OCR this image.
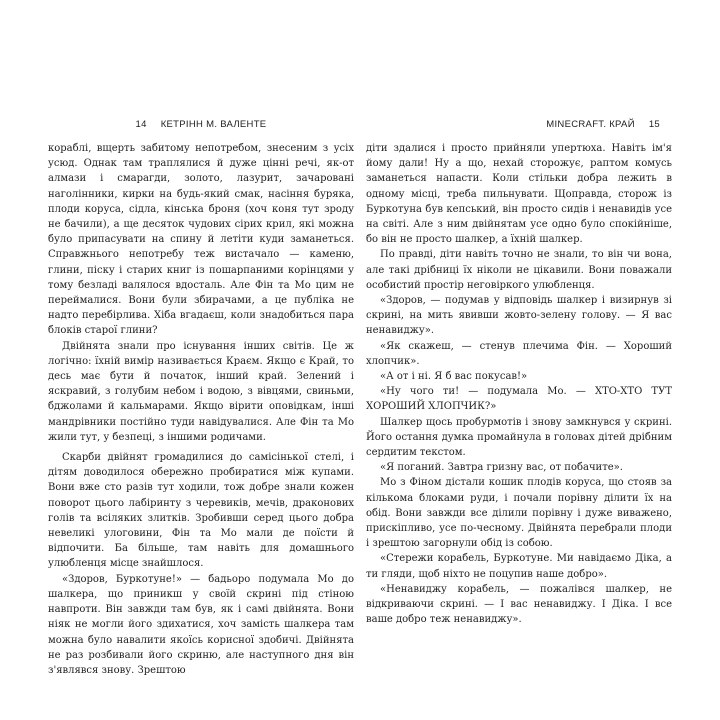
14 КЕТРІНН М. ВАЛЕНТЕ

кораблі, вщерть забитому непотребом, знесеним з усіх усюд. Однак там траплялися й дуже цінні речі, як-от алмази і смарагди, золото, лазурит, зачаровані наголінники, кирки на будь-який смак, насіння буряка, плоди коруса, сідла, кінська броня (хоч коня тут зроду не бачили), а ще десяток чудових сірих крил, які можна було припасувати на спину й летіти куди заманеться. Справжнього непотребу теж вистачало — каменю, глини, піску і старих книг із пошарпаними корінцями у тому безладі валялося вдосталь. Але Фін та Мо цим не переймалися. Вони були збирачами, а це публіка не надто перебірлива. Хіба вгадаєш, коли знадобиться пара блоків старої глини?

Двійнята знали про існування інших світів. Це ж логічно: їхній вимір називається Краєм. Якщо є Край, то десь має бути й початок, інший край. Зелений і яскравий, з голубим небом і водою, з вівцями, свиньми, бджолами й кальмарами. Якщо вірити оповідкам, інші мандрівники постійно туди навідувалися. Але Фін та Мо жили тут, у безпеці, з іншими родичами.

Скарби двійнят громадилися до самісінької стелі, і дітям доводилося обережно пробиратися між купами. Вони вже сто разів тут ходили, тож добре знали кожен поворот цього лабіринту з черевиків, мечів, драконових голів та всіляких злитків. Зробивши серед цього добра невеликі улоговини, Фін та Мо мали де поїсти й відпочити. Ба більше, там навіть для домашнього улюбленця місце знайшлося.

«Здоров, Буркотуне!» — бадьоро подумала Мо до шалкера, що приникш у своїй скрині під стіною навпроти. Він завжди там був, як і самі двійнята. Вони ніяк не могли його здихатися, хоч замість шалкера там можна було навалити якоїсь корисної здобичі. Двійнята не раз розбивали його скриню, але наступного дня він з'являвся знову. Зрештою

MINECRAFT. КРАЙ 15

діти здалися і просто прийняли упертюха. Навіть ім'я йому дали! Ну а що, нехай сторожує, раптом комусь заманеться напасти. Коли стільки добра лежить в одному місці, треба пильнувати. Щоправда, сторож із Буркотуна був кепський, він просто сидів і ненавидів усе на світі. Але з ним двійнятам усе одно було спокійніше, бо він не просто шалкер, а їхній шалкер.

По правді, діти навіть точно не знали, то він чи вона, але такі дрібниці їх ніколи не цікавили. Вони поважали особистий простір неговіркого улюбленця.

«Здоров, — подумав у відповідь шалкер і визирнув зі скрині, на мить явивши жовто-зелену голову. — Я вас ненавиджу».

«Як скажеш, — стенув плечима Фін. — Хороший хлопчик».

«А от і ні. Я б вас покусав!»

«Ну чого ти! — подумала Мо. — ХТО-ХТО ТУТ ХОРОШИЙ ХЛОПЧИК?»

Шалкер щось пробурмотів і знову замкнувся у скрині. Його остання думка промайнула в головах дітей дрібним сердитим текстом.

«Я поганий. Завтра гризну вас, от побачите».

Мо з Фіном дістали кошик плодів коруса, що стояв за кількома блоками руди, і почали порівну ділити їх на обід. Вони завжди все ділили порівну і дуже виважено, прискіпливо, усе по-чесному. Двійнята перебрали плоди і зрештою загорнули обід із собою.

«Стережи корабель, Буркотуне. Ми навідаємо Діка, а ти гляди, щоб ніхто не поцупив наше добро».

«Ненавиджу корабель, — пожалівся шалкер, не відкриваючи скрині. — І вас ненавиджу. І Діка. І все ваше добро теж ненавиджу».
